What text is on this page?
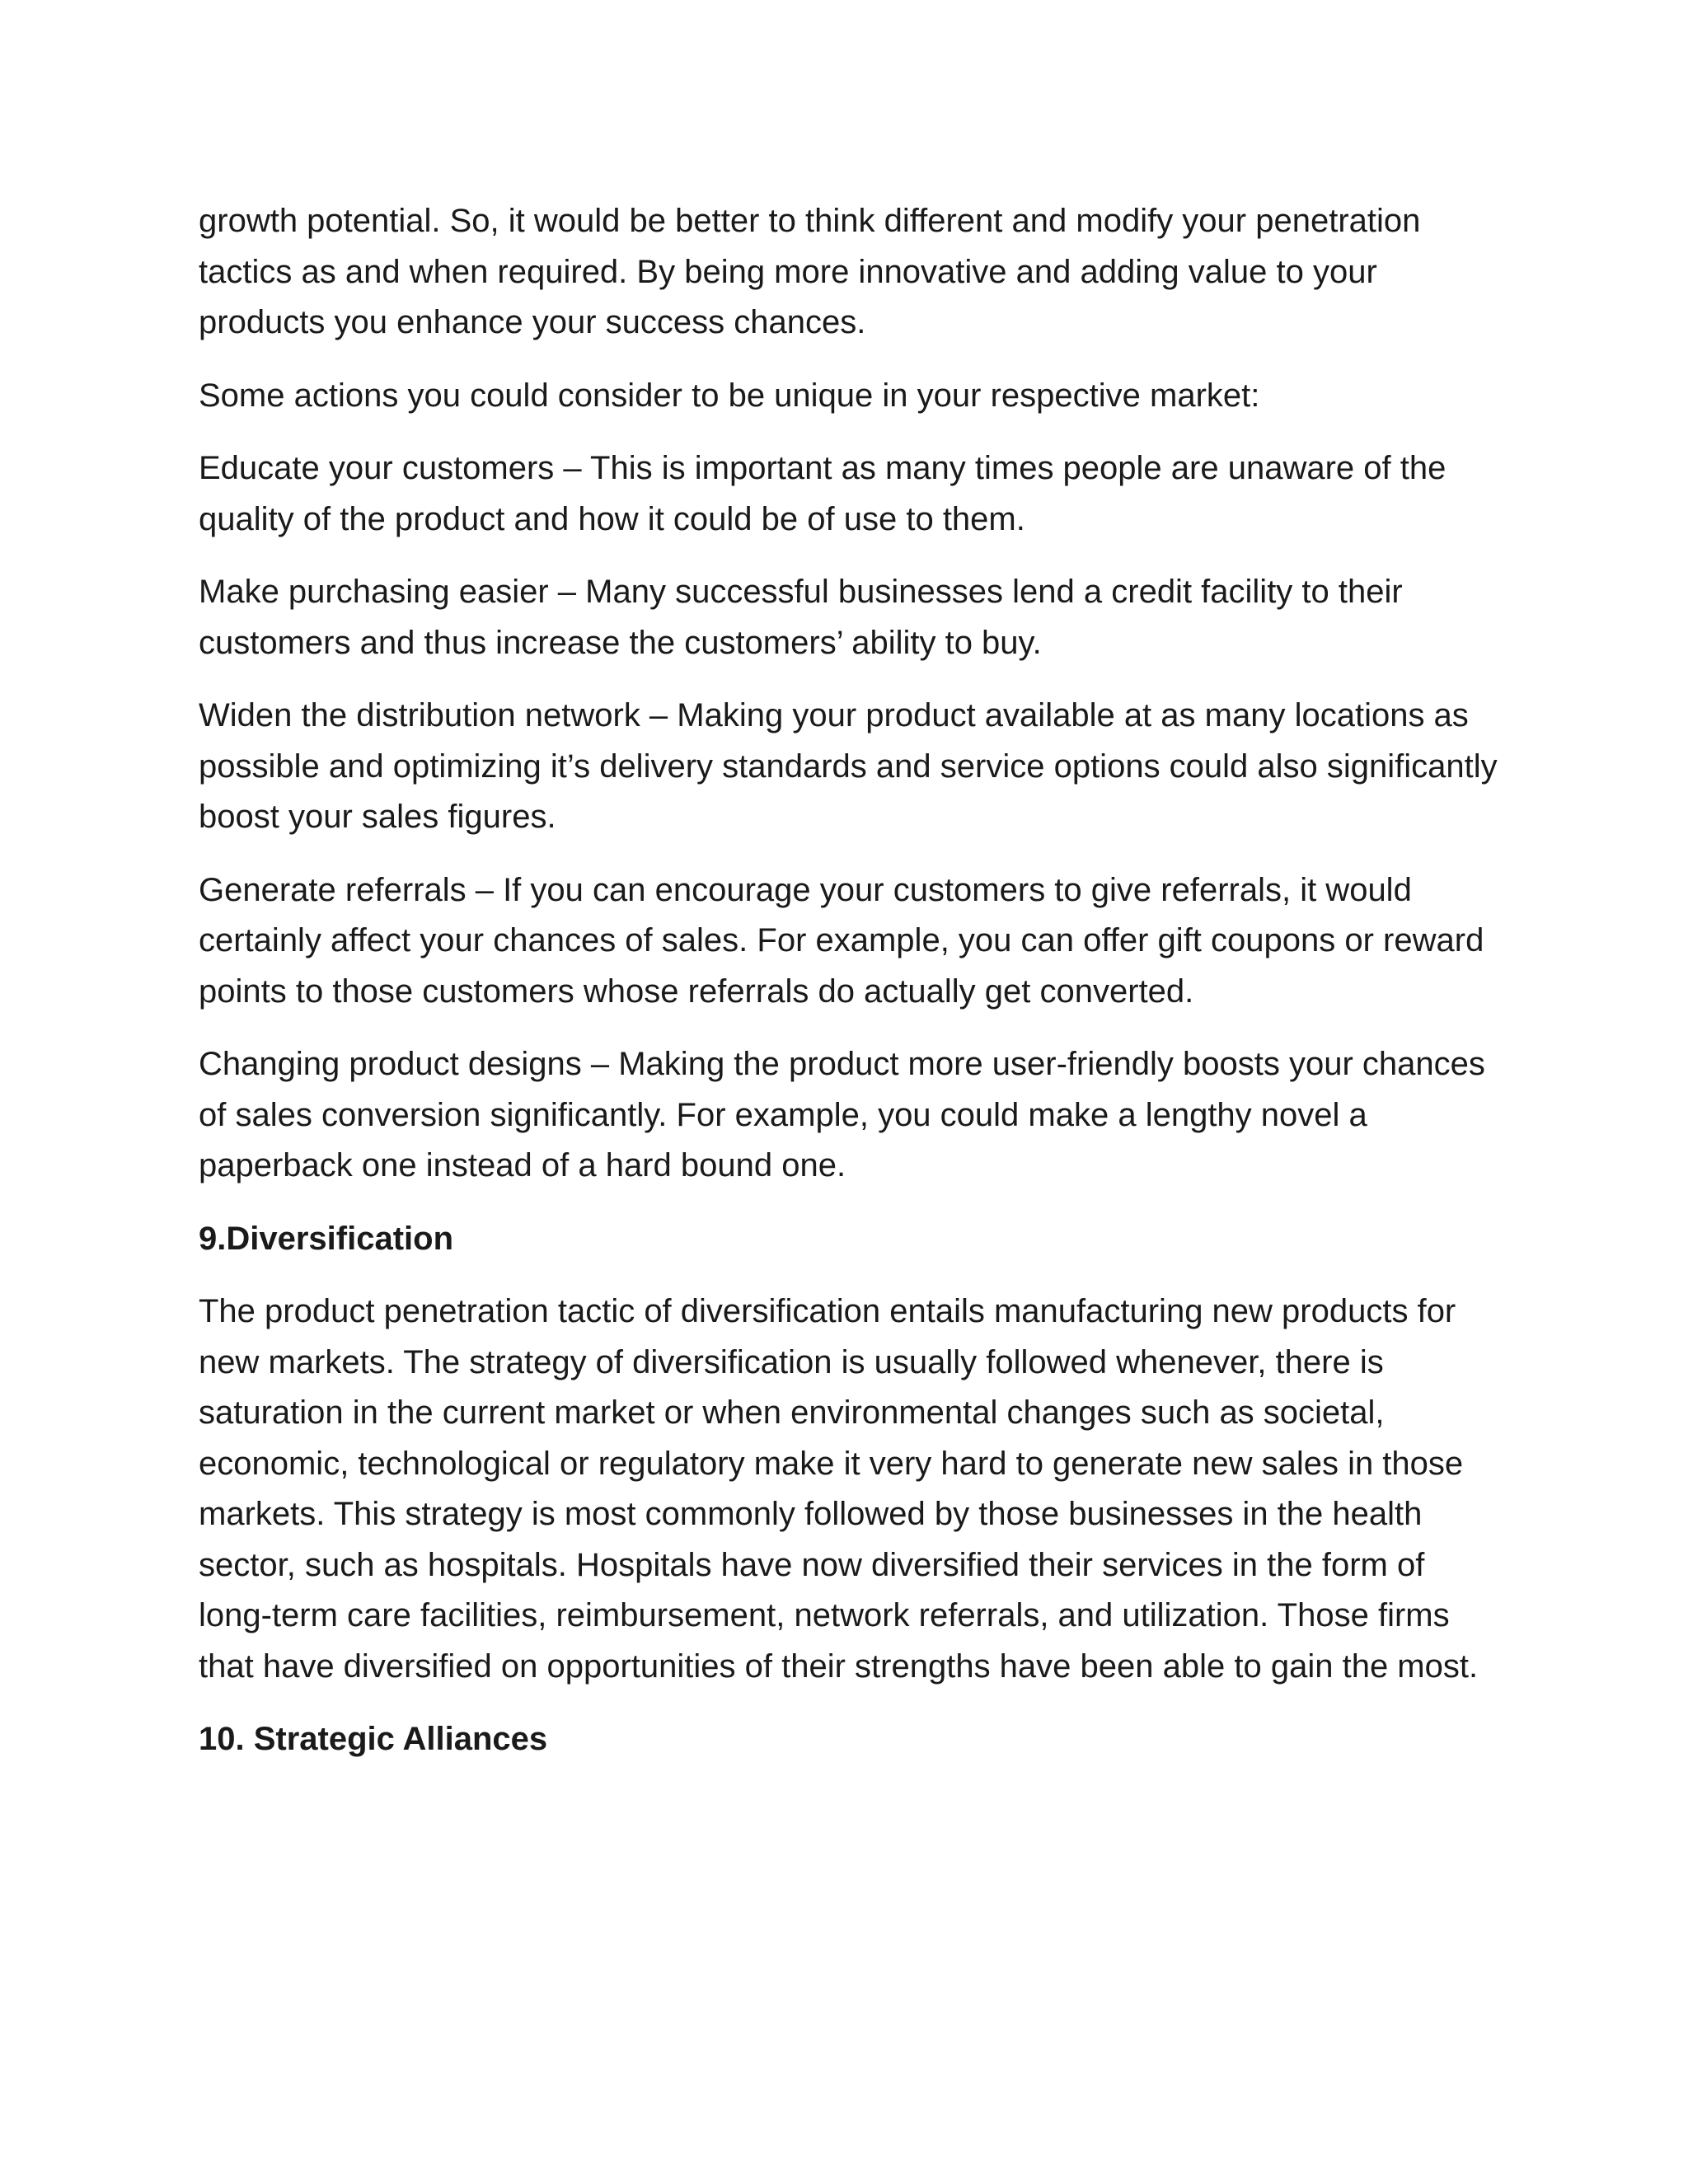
growth potential. So, it would be better to think different and modify your penetration tactics as and when required. By being more innovative and adding value to your products you enhance your success chances.

Some actions you could consider to be unique in your respective market:

Educate your customers – This is important as many times people are unaware of the quality of the product and how it could be of use to them.

Make purchasing easier – Many successful businesses lend a credit facility to their customers and thus increase the customers’ ability to buy.

Widen the distribution network – Making your product available at as many locations as possible and optimizing it’s delivery standards and service options could also significantly boost your sales figures.

Generate referrals – If you can encourage your customers to give referrals, it would certainly affect your chances of sales. For example, you can offer gift coupons or reward points to those customers whose referrals do actually get converted.

Changing product designs – Making the product more user-friendly boosts your chances of sales conversion significantly. For example, you could make a lengthy novel a paperback one instead of a hard bound one.

9.Diversification

The product penetration tactic of diversification entails manufacturing new products for new markets. The strategy of diversification is usually followed whenever, there is saturation in the current market or when environmental changes such as societal, economic, technological or regulatory make it very hard to generate new sales in those markets. This strategy is most commonly followed by those businesses in the health sector, such as hospitals. Hospitals have now diversified their services in the form of long-term care facilities, reimbursement, network referrals, and utilization. Those firms that have diversified on opportunities of their strengths have been able to gain the most.

10. Strategic Alliances
